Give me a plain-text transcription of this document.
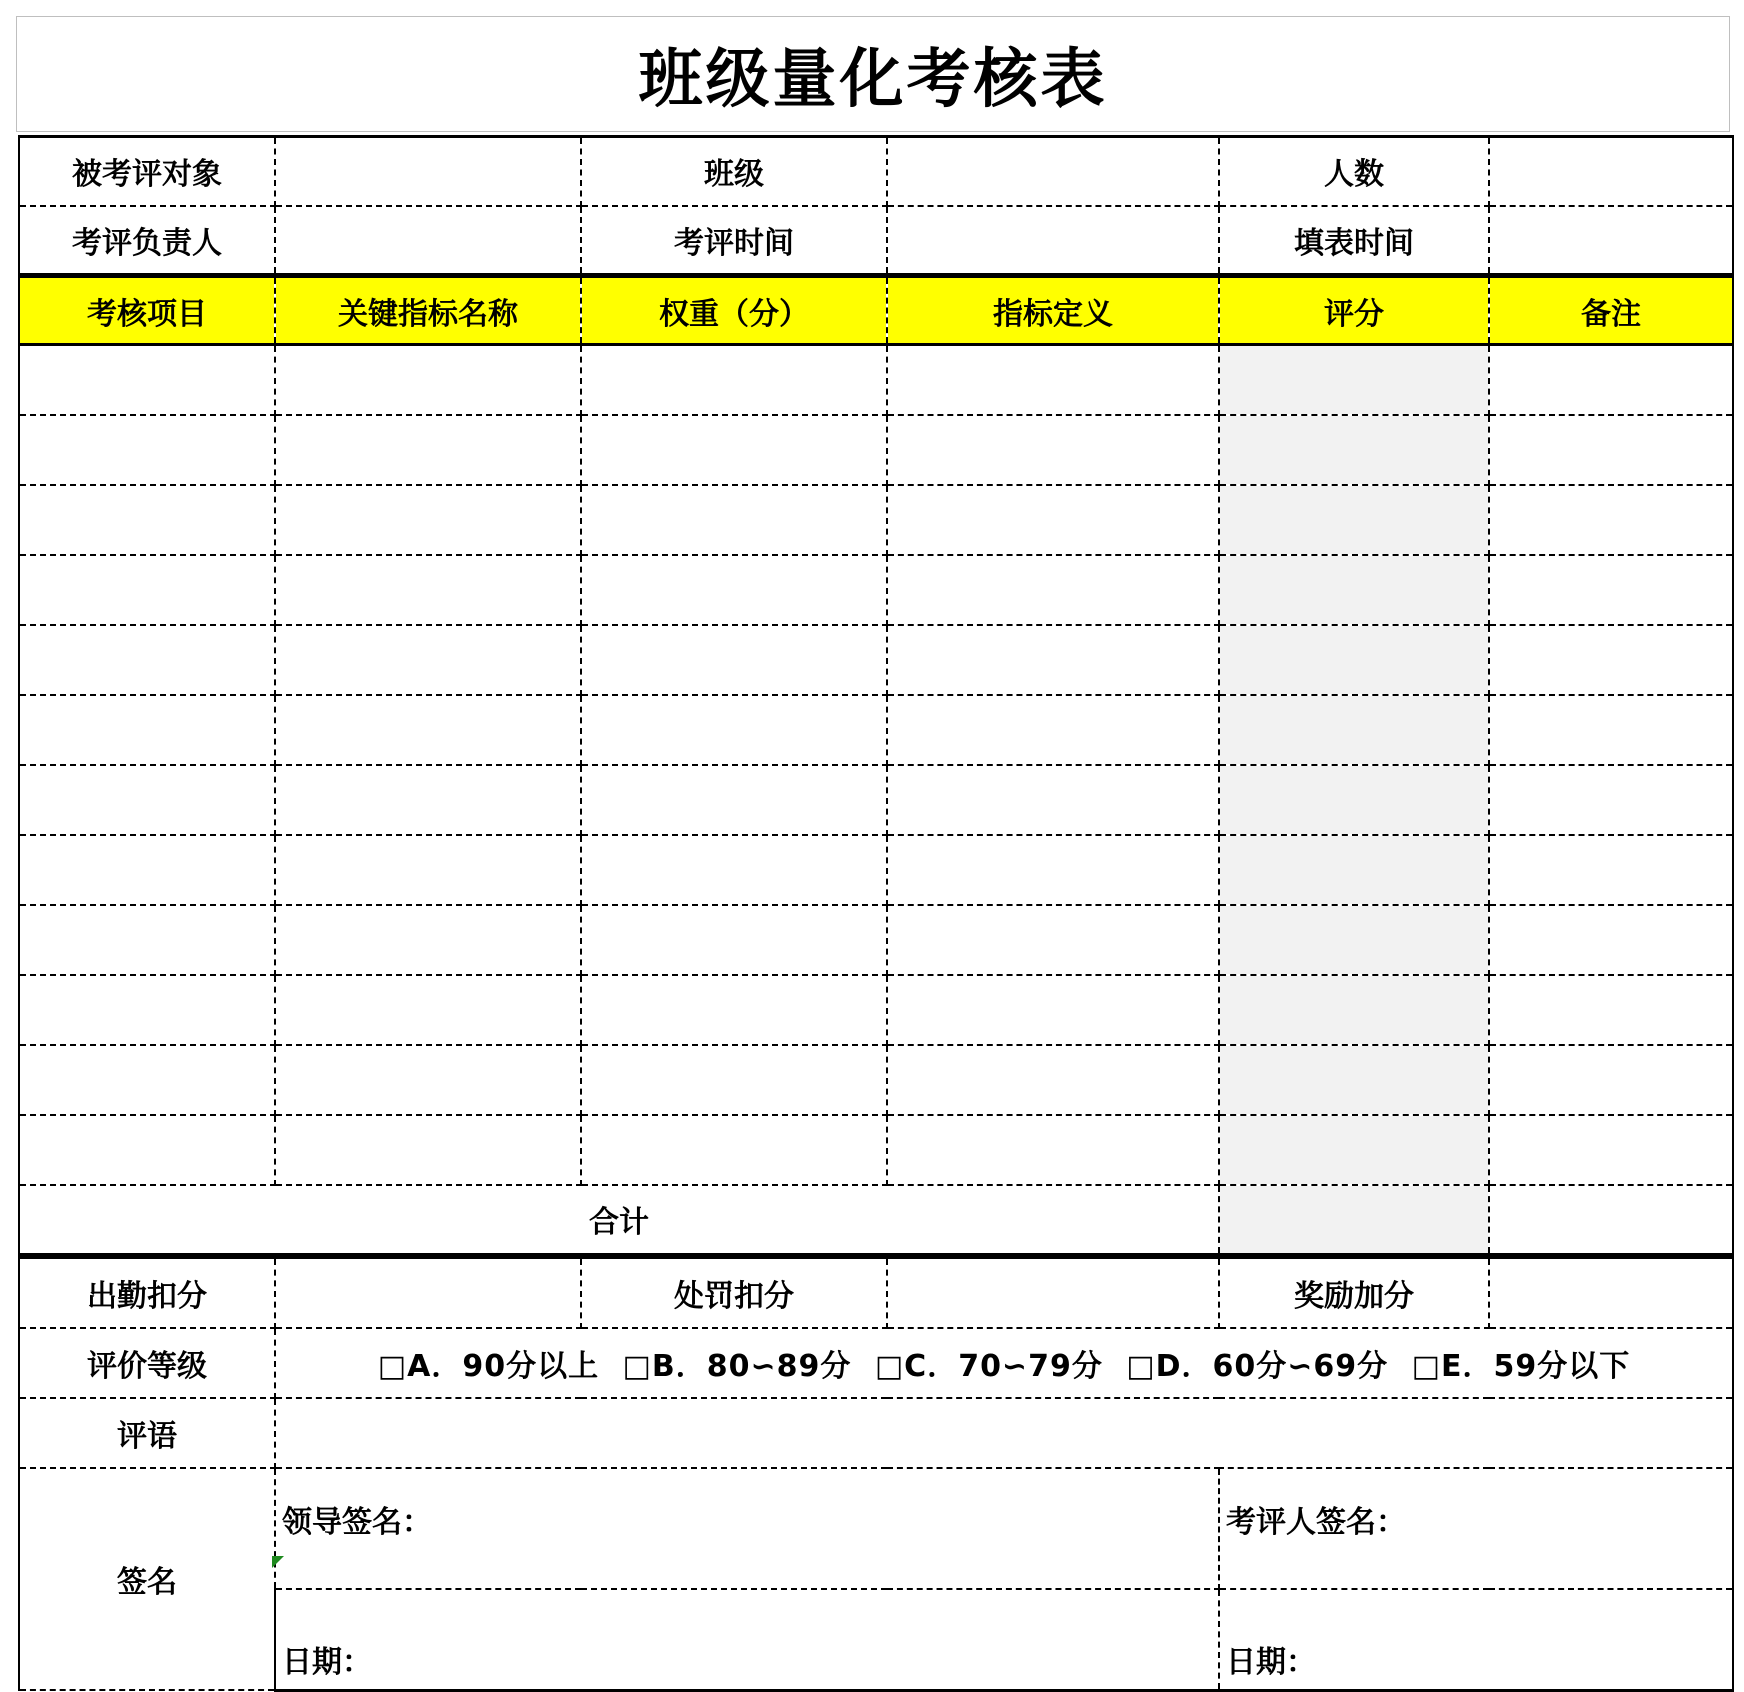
班级量化考核表
被考评对象		班级		人数	
考评负责人		考评时间		填表时间	
考核项目	关键指标名称	权重（分）	指标定义	评分	备注

合计					
出勤扣分		处罚扣分		奖励加分	
评价等级	□A．90分以上 □B．80∽89分 □C．70∽79分 □D．60分∽69分 □E．59分以下				
评语					
签名	领导签名：			考评人签名：	
	日期：			日期：	
